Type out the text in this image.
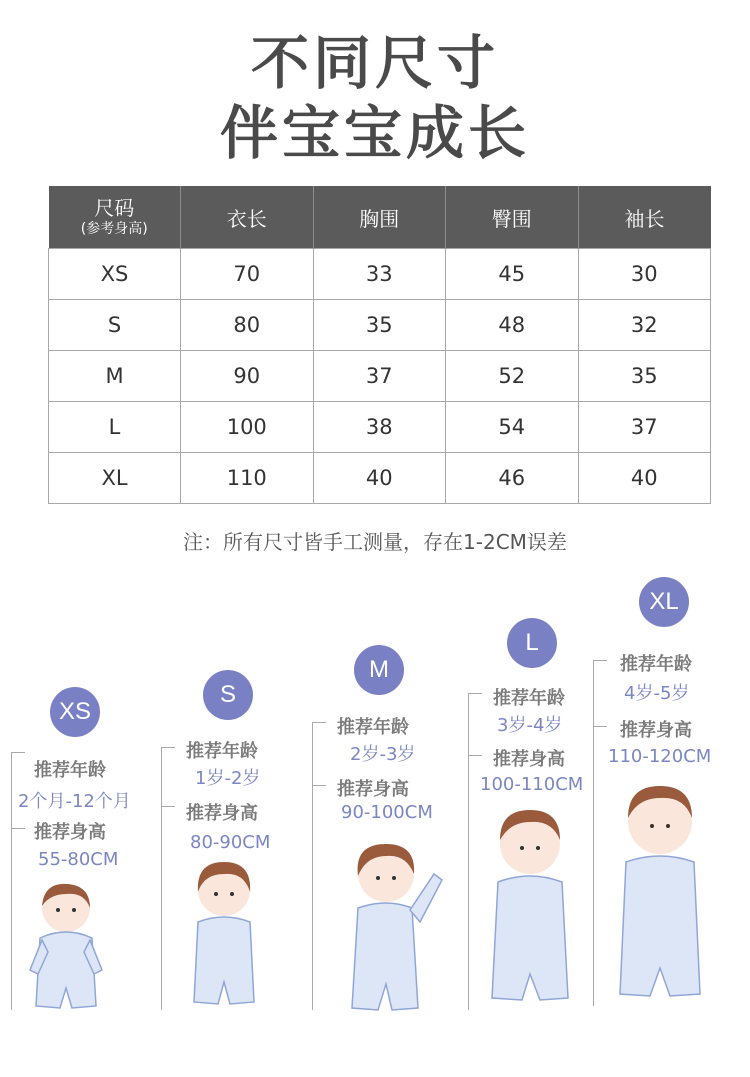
不同尺寸
伴宝宝成长
尺码
(参考身高)	衣长	胸围	臀围	袖长
XS	70	33	45	30
S	80	35	48	32
M	90	37	52	35
L	100	38	54	37
XL	110	40	46	40
注：所有尺寸皆手工测量，存在1-2CM误差
XS
推荐年龄
2个月-12个月
推荐身高
55-80CM
S
推荐年龄
1岁-2岁
推荐身高
80-90CM
M
推荐年龄
2岁-3岁
推荐身高
90-100CM
L
推荐年龄
3岁-4岁
推荐身高
100-110CM
XL
推荐年龄
4岁-5岁
推荐身高
110-120CM
